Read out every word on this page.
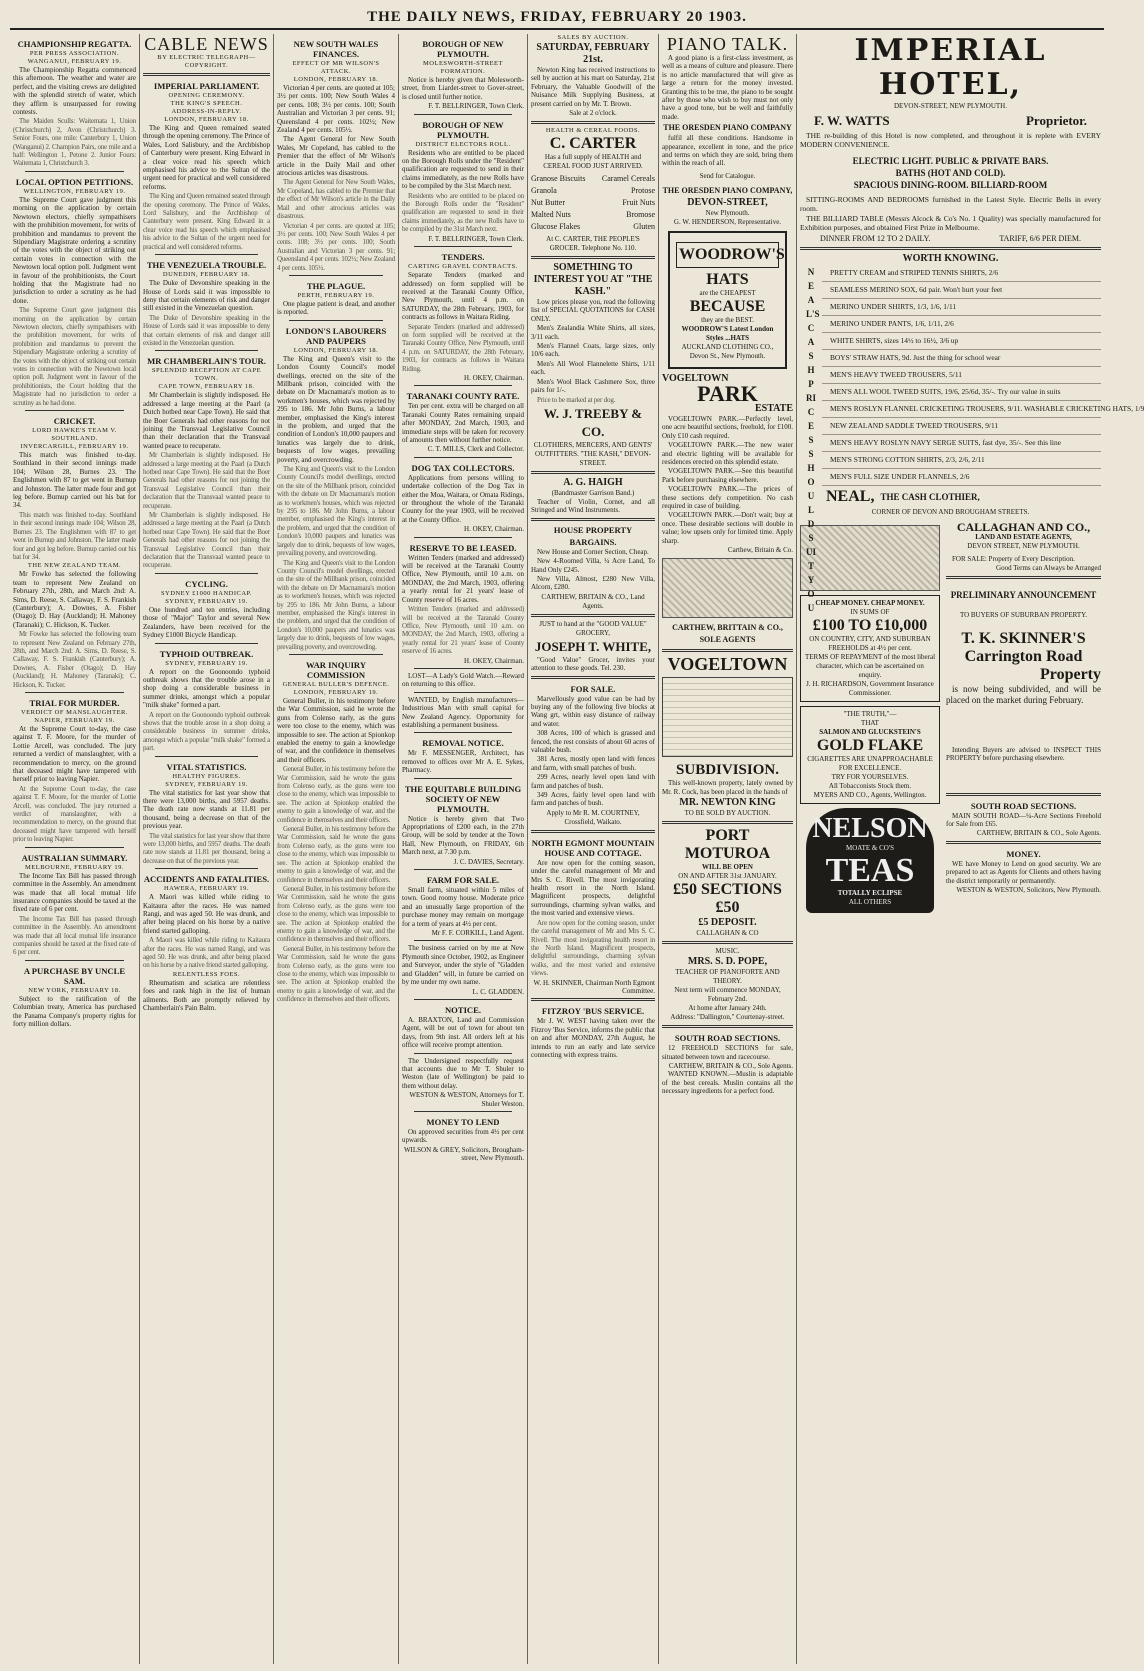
THE DAILY NEWS, FRIDAY, FEBRUARY 20 1903.
CHAMPIONSHIP REGATTA.
PER PRESS ASSOCIATION.
WANGANUI, FEBRUARY 19.

The Championship Regatta commenced this afternoon. The weather and water are perfect, and the visiting crews are delighted with the splendid stretch of water, which they affirm is unsurpassed for rowing contests.

The Maiden Sculls: Waitemata 1, Union (Christchurch) 2, Avon (Christchurch) 3. Senior Fours, one mile: Canterbury 1, Union (Wanganui) 2. Champion Pairs, one mile and a half: Wellington 1, Petone 2. Junior Fours: Waitemata 1, Christchurch 3.

LOCAL OPTION PETITIONS.
WELLINGTON, FEBRUARY 19.

The Supreme Court gave judgment this morning on the application by certain Newtown electors, chiefly sympathisers with the prohibition movement, for writs of prohibition and mandamus to prevent the Stipendiary Magistrate ordering a scrutiny of the votes with the object of striking out certain votes in connection with the Newtown local option poll. Judgment went in favour of the prohibitionists, the Court holding that the Magistrate had no jurisdiction to order a scrutiny as he had done.

The Supreme Court gave judgment this morning on the application by certain Newtown electors, chiefly sympathisers with the prohibition movement, for writs of prohibition and mandamus to prevent the Stipendiary Magistrate ordering a scrutiny of the votes with the object of striking out certain votes in connection with the Newtown local option poll. Judgment went in favour of the prohibitionists, the Court holding that the Magistrate had no jurisdiction to order a scrutiny as he had done.

CRICKET.
LORD HAWKE'S TEAM V. SOUTHLAND.
INVERCARGILL, FEBRUARY 19.

This match was finished to-day. Southland in their second innings made 104; Wilson 28, Burnes 23. The Englishmen with 87 to get went in Burnup and Johnston. The latter made four and got leg before. Burnup carried out his bat for 34.

This match was finished to-day. Southland in their second innings made 104; Wilson 28, Burnes 23. The Englishmen with 87 to get went in Burnup and Johnston. The latter made four and got leg before. Burnup carried out his bat for 34.

THE NEW ZEALAND TEAM.

Mr Fowke has selected the following team to represent New Zealand on February 27th, 28th, and March 2nd: A. Sims, D. Reese, S. Callaway, F. S. Frankish (Canterbury); A. Downes, A. Fisher (Otago); D. Hay (Auckland); H. Mahoney (Taranaki); C. Hickson, K. Tucker.

Mr Fowke has selected the following team to represent New Zealand on February 27th, 28th, and March 2nd: A. Sims, D. Reese, S. Callaway, F. S. Frankish (Canterbury); A. Downes, A. Fisher (Otago); D. Hay (Auckland); H. Mahoney (Taranaki); C. Hickson, K. Tucker.

TRIAL FOR MURDER.
VERDICT OF MANSLAUGHTER.
NAPIER, FEBRUARY 19.

At the Supreme Court to-day, the case against T. F. Moore, for the murder of Lottie Arcell, was concluded. The jury returned a verdict of manslaughter, with a recommendation to mercy, on the ground that deceased might have tampered with herself prior to leaving Napier.

At the Supreme Court to-day, the case against T. F. Moore, for the murder of Lottie Arcell, was concluded. The jury returned a verdict of manslaughter, with a recommendation to mercy, on the ground that deceased might have tampered with herself prior to leaving Napier.

AUSTRALIAN SUMMARY.
MELBOURNE, FEBRUARY 19.

The Income Tax Bill has passed through committee in the Assembly. An amendment was made that all local mutual life insurance companies should be taxed at the fixed rate of 6 per cent.

The Income Tax Bill has passed through committee in the Assembly. An amendment was made that all local mutual life insurance companies should be taxed at the fixed rate of 6 per cent.

A PURCHASE BY UNCLE SAM.
NEW YORK, FEBRUARY 18.

Subject to the ratification of the Columbian treaty, America has purchased the Panama Company's property rights for forty million dollars.

CABLE NEWS
BY ELECTRIC TELEGRAPH—COPYRIGHT.
IMPERIAL PARLIAMENT.
OPENING CEREMONY.
THE KING'S SPEECH.
ADDRESS-IN-REPLY.
LONDON, FEBRUARY 18.

The King and Queen remained seated through the opening ceremony. The Prince of Wales, Lord Salisbury, and the Archbishop of Canterbury were present. King Edward in a clear voice read his speech which emphasised his advice to the Sultan of the urgent need for practical and well considered reforms.

The King and Queen remained seated through the opening ceremony. The Prince of Wales, Lord Salisbury, and the Archbishop of Canterbury were present. King Edward in a clear voice read his speech which emphasised his advice to the Sultan of the urgent need for practical and well considered reforms.

THE VENEZUELA TROUBLE.
DUNEDIN, FEBRUARY 18.

The Duke of Devonshire speaking in the House of Lords said it was impossible to deny that certain elements of risk and danger still existed in the Venezuelan question.

The Duke of Devonshire speaking in the House of Lords said it was impossible to deny that certain elements of risk and danger still existed in the Venezuelan question.

MR CHAMBERLAIN'S TOUR.
SPLENDID RECEPTION AT CAPE TOWN.
CAPE TOWN, FEBRUARY 18.

Mr Chamberlain is slightly indisposed. He addressed a large meeting at the Paarl (a Dutch hotbed near Cape Town). He said that the Boer Generals had other reasons for not joining the Transvaal Legislative Council than their declaration that the Transvaal wanted peace to recuperate.

Mr Chamberlain is slightly indisposed. He addressed a large meeting at the Paarl (a Dutch hotbed near Cape Town). He said that the Boer Generals had other reasons for not joining the Transvaal Legislative Council than their declaration that the Transvaal wanted peace to recuperate.

Mr Chamberlain is slightly indisposed. He addressed a large meeting at the Paarl (a Dutch hotbed near Cape Town). He said that the Boer Generals had other reasons for not joining the Transvaal Legislative Council than their declaration that the Transvaal wanted peace to recuperate.

CYCLING.
SYDNEY £1000 HANDICAP.
SYDNEY, FEBRUARY 19.

One hundred and ten entries, including those of "Major" Taylor and several New Zealanders, have been received for the Sydney £1000 Bicycle Handicap.

TYPHOID OUTBREAK.
SYDNEY, FEBRUARY 19.

A report on the Goonoondo typhoid outbreak shows that the trouble arose in a shop doing a considerable business in summer drinks, amongst which a popular "milk shake" formed a part.

A report on the Goonoondo typhoid outbreak shows that the trouble arose in a shop doing a considerable business in summer drinks, amongst which a popular "milk shake" formed a part.

VITAL STATISTICS.
HEALTHY FIGURES.
SYDNEY, FEBRUARY 19.

The vital statistics for last year show that there were 13,000 births, and 5957 deaths. The death rate now stands at 11.81 per thousand, being a decrease on that of the previous year.

The vital statistics for last year show that there were 13,000 births, and 5957 deaths. The death rate now stands at 11.81 per thousand, being a decrease on that of the previous year.

ACCIDENTS AND FATALITIES.
HAWERA, FEBRUARY 19.

A Maori was killed while riding to Kaitaura after the races. He was named Rangi, and was aged 50. He was drunk, and after being placed on his horse by a native friend started galloping.

A Maori was killed while riding to Kaitaura after the races. He was named Rangi, and was aged 50. He was drunk, and after being placed on his horse by a native friend started galloping.

RELENTLESS FOES.

Rheumatism and sciatica are relentless foes and rank high in the list of human ailments. Both are promptly relieved by Chamberlain's Pain Balm.

NEW SOUTH WALES FINANCES.
EFFECT OF MR WILSON'S ATTACK.
LONDON, FEBRUARY 18.

Victorian 4 per cents. are quoted at 105; 3½ per cents. 100; New South Wales 4 per cents. 108; 3½ per cents. 100; South Australian and Victorian 3 per cents. 91; Queensland 4 per cents. 102½; New Zealand 4 per cents. 105½.

The Agent General for New South Wales, Mr Copeland, has cabled to the Premier that the effect of Mr Wilson's article in the Daily Mail and other atrocious articles was disastrous.

The Agent General for New South Wales, Mr Copeland, has cabled to the Premier that the effect of Mr Wilson's article in the Daily Mail and other atrocious articles was disastrous.

Victorian 4 per cents. are quoted at 105; 3½ per cents. 100; New South Wales 4 per cents. 108; 3½ per cents. 100; South Australian and Victorian 3 per cents. 91; Queensland 4 per cents. 102½; New Zealand 4 per cents. 105½.

THE PLAGUE.
PERTH, FEBRUARY 19.

One plague patient is dead, and another is reported.

LONDON'S LABOURERS AND PAUPERS
LONDON, FEBRUARY 18.

The King and Queen's visit to the London County Council's model dwellings, erected on the site of the Millbank prison, coincided with the debate on Dr Macnamara's motion as to workmen's houses, which was rejected by 295 to 186. Mr John Burns, a labour member, emphasised the King's interest in the problem, and urged that the condition of London's 10,000 paupers and lunatics was largely due to drink, bequests of low wages, prevailing poverty, and overcrowding.

The King and Queen's visit to the London County Council's model dwellings, erected on the site of the Millbank prison, coincided with the debate on Dr Macnamara's motion as to workmen's houses, which was rejected by 295 to 186. Mr John Burns, a labour member, emphasised the King's interest in the problem, and urged that the condition of London's 10,000 paupers and lunatics was largely due to drink, bequests of low wages, prevailing poverty, and overcrowding.

The King and Queen's visit to the London County Council's model dwellings, erected on the site of the Millbank prison, coincided with the debate on Dr Macnamara's motion as to workmen's houses, which was rejected by 295 to 186. Mr John Burns, a labour member, emphasised the King's interest in the problem, and urged that the condition of London's 10,000 paupers and lunatics was largely due to drink, bequests of low wages, prevailing poverty, and overcrowding.

WAR INQUIRY COMMISSION
GENERAL BULLER'S DEFENCE.
LONDON, FEBRUARY 19.

General Buller, in his testimony before the War Commission, said he wrote the guns from Colenso early, as the guns were too close to the enemy, which was impossible to see. The action at Spionkop enabled the enemy to gain a knowledge of war, and the confidence in themselves and their officers.

General Buller, in his testimony before the War Commission, said he wrote the guns from Colenso early, as the guns were too close to the enemy, which was impossible to see. The action at Spionkop enabled the enemy to gain a knowledge of war, and the confidence in themselves and their officers.

General Buller, in his testimony before the War Commission, said he wrote the guns from Colenso early, as the guns were too close to the enemy, which was impossible to see. The action at Spionkop enabled the enemy to gain a knowledge of war, and the confidence in themselves and their officers.

General Buller, in his testimony before the War Commission, said he wrote the guns from Colenso early, as the guns were too close to the enemy, which was impossible to see. The action at Spionkop enabled the enemy to gain a knowledge of war, and the confidence in themselves and their officers.

General Buller, in his testimony before the War Commission, said he wrote the guns from Colenso early, as the guns were too close to the enemy, which was impossible to see. The action at Spionkop enabled the enemy to gain a knowledge of war, and the confidence in themselves and their officers.

BOROUGH OF NEW PLYMOUTH.
MOLESWORTH-STREET FORMATION.

Notice is hereby given that Molesworth-street, from Liardet-street to Gover-street, is closed until further notice.

F. T. BELLRINGER, Town Clerk.
BOROUGH OF NEW PLYMOUTH.
DISTRICT ELECTORS ROLL.

Residents who are entitled to be placed on the Borough Rolls under the "Resident" qualification are requested to send in their claims immediately, as the new Rolls have to be compiled by the 31st March next.

Residents who are entitled to be placed on the Borough Rolls under the "Resident" qualification are requested to send in their claims immediately, as the new Rolls have to be compiled by the 31st March next.

F. T. BELLRINGER, Town Clerk.
TENDERS.
CARTING GRAVEL CONTRACTS.

Separate Tenders (marked and addressed) on form supplied will be received at the Taranaki County Office, New Plymouth, until 4 p.m. on SATURDAY, the 28th February, 1903, for contracts as follows in Waitara Riding.

Separate Tenders (marked and addressed) on form supplied will be received at the Taranaki County Office, New Plymouth, until 4 p.m. on SATURDAY, the 28th February, 1903, for contracts as follows in Waitara Riding.

H. OKEY, Chairman.
TARANAKI COUNTY RATE.

Ten per cent. extra will be charged on all Taranaki County Rates remaining unpaid after MONDAY, 2nd March, 1903, and immediate steps will be taken for recovery of amounts then without further notice.

C. T. MILLS, Clerk and Collector.
DOG TAX COLLECTORS.

Applications from persons willing to undertake collection of the Dog Tax in either the Moa, Waitara, or Omata Ridings, or throughout the whole of the Taranaki County for the year 1903, will be received at the County Office.

H. OKEY, Chairman.
RESERVE TO BE LEASED.

Written Tenders (marked and addressed) will be received at the Taranaki County Office, New Plymouth, until 10 a.m. on MONDAY, the 2nd March, 1903, offering a yearly rental for 21 years' lease of County reserve of 16 acres.

Written Tenders (marked and addressed) will be received at the Taranaki County Office, New Plymouth, until 10 a.m. on MONDAY, the 2nd March, 1903, offering a yearly rental for 21 years' lease of County reserve of 16 acres.

H. OKEY, Chairman.

LOST—A Lady's Gold Watch.—Reward on returning to this office.

WANTED, by English manufacturers—Industrious Man with small capital for New Zealand Agency. Opportunity for establishing a permanent business.

REMOVAL NOTICE.

Mr F. MESSENGER, Architect, has removed to offices over Mr A. E. Sykes, Pharmacy.

THE EQUITABLE BUILDING SOCIETY OF NEW PLYMOUTH.

Notice is hereby given that Two Appropriations of £200 each, in the 27th Group, will be sold by tender at the Town Hall, New Plymouth, on FRIDAY, 6th March next, at 7.30 p.m.

J. C. DAVIES, Secretary.
FARM FOR SALE.

Small farm, situated within 5 miles of town. Good roomy house. Moderate price and an unusually large proportion of the purchase money may remain on mortgage for a term of years at 4½ per cent.

Mr F. F. CORKILL, Land Agent.

The business carried on by me at New Plymouth since October, 1902, as Engineer and Surveyor, under the style of "Gladden and Gladden" will, in future be carried on by me under my own name.

L. C. GLADDEN.
NOTICE.

A. BRAXTON, Land and Commission Agent, will be out of town for about ten days, from 9th inst. All orders left at his office will receive prompt attention.

The Undersigned respectfully request that accounts due to Mr T. Shuler to Weston (late of Wellington) be paid to them without delay.

WESTON & WESTON, Attorneys for T. Shuler Weston.
MONEY TO LEND

On approved securities from 4½ per cent upwards.

WILSON & GREY, Solicitors, Brougham-street, New Plymouth.
SALES BY AUCTION.
SATURDAY, FEBRUARY 21st.

Newton King has received instructions to sell by auction at his mart on Saturday, 21st February, the Valuable Goodwill of the Nuisance Milk Supplying Business, at present carried on by Mr. T. Brown.

Sale at 2 o'clock.
HEALTH & CEREAL FOODS.
C. CARTER
Has a full supply of HEALTH and CEREAL FOOD JUST ARRIVED.
Granose Biscuits Caramel Cereals
Granola	Protose
Nut Butter	Fruit Nuts
Malted Nuts	Bromose
Glucose Flakes	Gluten
At C. CARTER, THE PEOPLE'S GROCER. Telephone No. 110.
SOMETHING TO INTEREST YOU AT "THE KASH."

Low prices please you, read the following list of SPECIAL QUOTATIONS for CASH ONLY.

Men's Zealandia White Shirts, all sizes, 3/11 each.

Men's Flannel Coats, large sizes, only 10/6 each.

Men's All Wool Flannelette Shirts, 1/11 each.

Men's Wool Black Cashmere Sox, three pairs for 1/-.

Price to be marked at per dog.

W. J. TREEBY & CO.
CLOTHIERS, MERCERS, AND GENTS' OUTFITTERS. "THE KASH," DEVON-STREET.
A. G. HAIGH
(Bandmaster Garrison Band.)

Teacher of Violin, Cornet, and all Stringed and Wind Instruments.

HOUSE PROPERTY BARGAINS.

New House and Corner Section, Cheap.

New 4-Roomed Villa, ¼ Acre Land, To Hand Only £245.

New Villa, Almost, £280 New Villa, Alcorn, £280.

CARTHEW, BRITAIN & CO., Land Agents.
JUST to hand at the "GOOD VALUE" GROCERY,
JOSEPH T. WHITE,

"Good Value" Grocer, invites your attention to these goods. Tel. 230.

FOR SALE.

Marvellously good value can be had by buying any of the following five blocks at Wang grt, within easy distance of railway and water.

308 Acres, 100 of which is grassed and fenced, the rest consists of about 60 acres of valuable bush.

381 Acres, mostly open land with fences and farm, with small patches of bush.

299 Acres, nearly level open land with farm and patches of bush.

349 Acres, fairly level open land with farm and patches of bush.

Apply to Mr R. M. COURTNEY, Crossfield, Waikato.
NORTH EGMONT MOUNTAIN HOUSE AND COTTAGE.

Are now open for the coming season, under the careful management of Mr and Mrs S. C. Rivell. The most invigorating health resort in the North Island. Magnificent prospects, delightful surroundings, charming sylvan walks, and the most varied and extensive views.

Are now open for the coming season, under the careful management of Mr and Mrs S. C. Rivell. The most invigorating health resort in the North Island. Magnificent prospects, delightful surroundings, charming sylvan walks, and the most varied and extensive views.

W. H. SKINNER, Chairman North Egmont Committee.
FITZROY 'BUS SERVICE.

Mr J. W. WEST having taken over the Fitzroy 'Bus Service, informs the public that on and after MONDAY, 27th August, he intends to run an early and late service connecting with express trains.

PIANO TALK.

A good piano is a first-class investment, as well as a means of culture and pleasure. There is no article manufactured that will give as large a return for the money invested. Granting this to be true, the piano to be sought after by those who wish to buy must not only have a good tone, but be well and faithfully made.

THE ORESDEN PIANO COMPANY

fulfil all these conditions. Handsome in appearance, excellent in tone, and the price and terms on which they are sold, bring them within the reach of all.

Send for Catalogue.
THE ORESDEN PIANO COMPANY,
DEVON-STREET,
New Plymouth.
G. W. HENDERSON, Representative.
WOODROW'S
HATS
are the CHEAPEST
BECAUSE
they are the BEST.
WOODROW'S Latest London Styles ...HATS
AUCKLAND CLOTHING CO., Devon St., New Plymouth.
VOGELTOWN
PARK
ESTATE

VOGELTOWN PARK.—Perfectly level, one acre beautiful sections, freehold, for £100. Only £10 cash required.

VOGELTOWN PARK.—The new water and electric lighting will be available for residences erected on this splendid estate.

VOGELTOWN PARK.—See this beautiful Park before purchasing elsewhere.

VOGELTOWN PARK.—The prices of these sections defy competition. No cash required in case of building.

VOGELTOWN PARK.—Don't wait; buy at once. These desirable sections will double in value; low upsets only for limited time. Apply sharp.

Carthew, Britain & Co.
CARTHEW, BRITTAIN & CO., SOLE AGENTS
VOGELTOWN
SUBDIVISION.

This well-known property, lately owned by Mr. R. Cock, has been placed in the hands of

MR. NEWTON KING
TO BE SOLD BY AUCTION.
PORT MOTUROA
WILL BE OPEN
ON AND AFTER 31st JANUARY.
£50 SECTIONS £50
£5 DEPOSIT.
CALLAGHAN & CO
MUSIC.
MRS. S. D. POPE,
TEACHER OF PIANOFORTE AND THEORY.
Next term will commence MONDAY, February 2nd.
At home after January 24th.
Address: "Dallington," Courtenay-street.
SOUTH ROAD SECTIONS.

12 FREEHOLD SECTIONS for sale, situated between town and racecourse.

CARTHEW, BRITAIN & CO., Sole Agents.

WANTED KNOWN.—Muslin is adaptable of the best cereals. Muslin contains all the necessary ingredients for a perfect food.

IMPERIAL HOTEL,
DEVON-STREET, NEW PLYMOUTH.
F. W. WATTS	Proprietor.

THE re-building of this Hotel is now completed, and throughout it is replete with EVERY MODERN CONVENIENCE.

ELECTRIC LIGHT. PUBLIC & PRIVATE BARS.
BATHS (HOT AND COLD).
SPACIOUS DINING-ROOM. BILLIARD-ROOM

SITTING-ROOMS AND BEDROOMS furnished in the Latest Style. Electric Bells in every room.

THE BILLIARD TABLE (Messrs Alcock & Co's No. 1 Quality) was specially manufactured for Exhibition purposes, and obtained First Prize in Melbourne.

DINNER FROM 12 TO 2 DAILY.	TARIFF, 6/6 PER DIEM.
WORTH KNOWING.
NEAL'S CASH PRICES SHOULD SUIT YOU
PRETTY CREAM and STRIPED TENNIS SHIRTS, 2/6
SEAMLESS MERINO SOX, 6d pair. Won't hurt your feet
MERINO UNDER SHIRTS, 1/3, 1/6, 1/11
MERINO UNDER PANTS, 1/6, 1/11, 2/6
WHITE SHIRTS, sizes 14½ to 16½, 3/6 up
BOYS' STRAW HATS, 9d. Just the thing for school wear
MEN'S HEAVY TWEED TROUSERS, 5/11
MEN'S ALL WOOL TWEED SUITS, 19/6, 25/6d, 35/-. Try our value in suits
MEN'S ROSLYN FLANNEL CRICKETING TROUSERS, 9/11. WASHABLE CRICKETING HATS, 1/9
NEW ZEALAND SADDLE TWEED TROUSERS, 9/11
MEN'S HEAVY ROSLYN NAVY SERGE SUITS, fast dye, 35/-. See this line
MEN'S STRONG COTTON SHIRTS, 2/3, 2/6, 2/11
MEN'S FULL SIZE UNDER FLANNELS, 2/6
NEAL, THE CASH CLOTHIER,
CORNER OF DEVON AND BROUGHAM STREETS.
CHEAP MONEY. CHEAP MONEY.
IN SUMS OF
£100 TO £10,000
ON COUNTRY, CITY, AND SUBURBAN FREEHOLDS at 4½ per cent.
TERMS OF REPAYMENT of the most liberal character, which can be ascertained on enquiry.
J. H. RICHARDSON, Government Insurance Commissioner.
"THE TRUTH,"—
THAT
SALMON AND GLUCKSTEIN'S
GOLD FLAKE
CIGARETTES ARE UNAPPROACHABLE FOR EXCELLENCE.
TRY FOR YOURSELVES.
All Tobacconists Stock them.
MYERS AND CO., Agents, Wellington.
NELSON
MOATE & CO'S
TEAS
TOTALLY ECLIPSE
ALL OTHERS
CALLAGHAN AND CO.,
LAND AND ESTATE AGENTS,
DEVON STREET, NEW PLYMOUTH.

FOR SALE: Property of Every Description.

Good Terms can Always be Arranged
PRELIMINARY ANNOUNCEMENT
TO BUYERS OF SUBURBAN PROPERTY.
T. K. SKINNER'S
Carrington Road
Property

is now being subdivided, and will be placed on the market during February.

Intending Buyers are advised to INSPECT THIS PROPERTY before purchasing elsewhere.

SOUTH ROAD SECTIONS.

MAIN SOUTH ROAD—¼-Acre Sections Freehold for Sale from £65.

CARTHEW, BRITAIN & CO., Sole Agents.
MONEY.

WE have Money to Lend on good security. We are prepared to act as Agents for Clients and others having the district temporarily or permanently.

WESTON & WESTON, Solicitors, New Plymouth.
